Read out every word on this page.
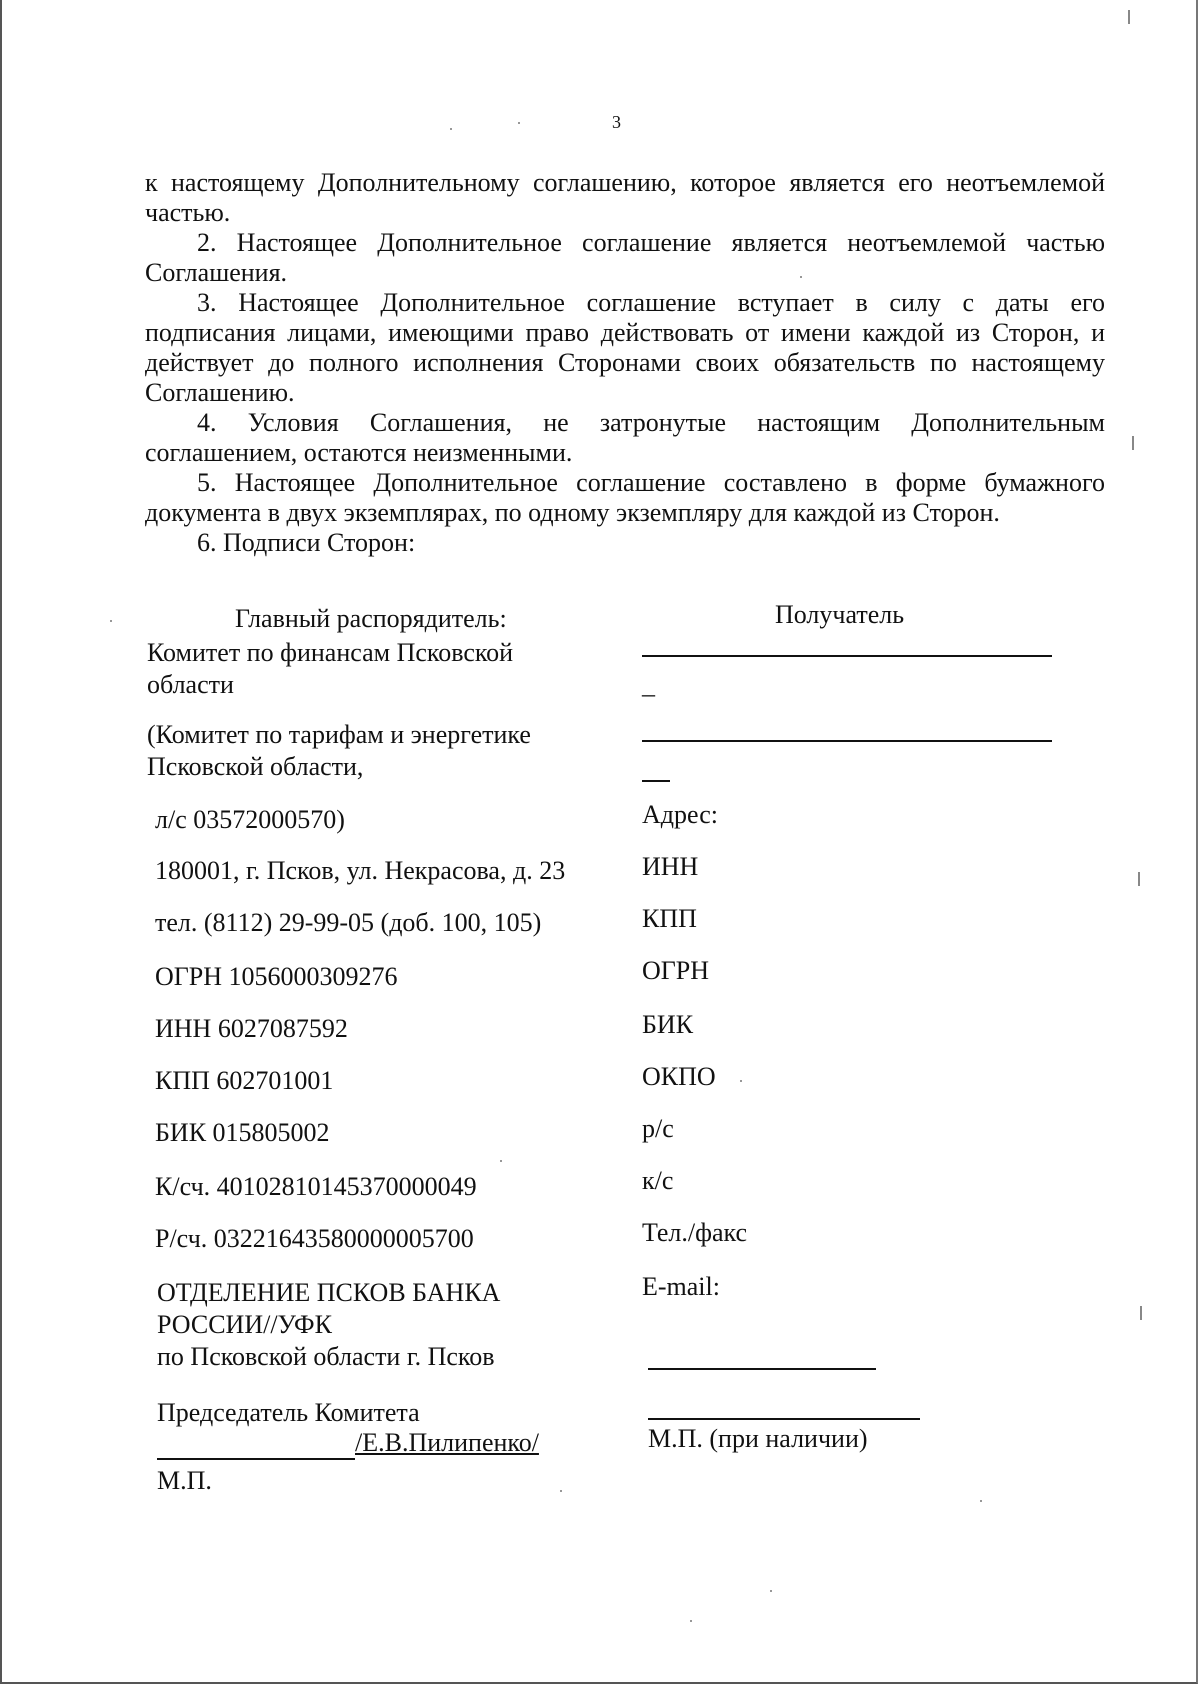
3

к настоящему Дополнительному соглашению, которое является его неотъемлемой частью.

2. Настоящее Дополнительное соглашение является неотъемлемой частью Соглашения.

3. Настоящее Дополнительное соглашение вступает в силу с даты его подписания лицами, имеющими право действовать от имени каждой из Сторон, и действует до полного исполнения Сторонами своих обязательств по настоящему Соглашению.

4. Условия Соглашения, не затронутые настоящим Дополнительным соглашением, остаются неизменными.

5. Настоящее Дополнительное соглашение составлено в форме бумажного документа в двух экземплярах, по одному экземпляру для каждой из Сторон.

6. Подписи Сторон:

Главный распорядитель:
Комитет по финансам Псковской
области
(Комитет по тарифам и энергетике
Псковской области,
л/с 03572000570)
180001, г. Псков, ул. Некрасова, д. 23
тел. (8112) 29-99-05 (доб. 100, 105)
ОГРН 1056000309276
ИНН 6027087592
КПП 602701001
БИК 015805002
К/сч. 40102810145370000049
Р/сч. 03221643580000005700
ОТДЕЛЕНИЕ ПСКОВ БАНКА
РОССИИ//УФК
по Псковской области г. Псков
Председатель Комитета
/Е.В.Пилипенко/
М.П.
Получатель
_
Адрес:
ИНН
КПП
ОГРН
БИК
ОКПО
р/с
к/с
Тел./факс
E-mail:
М.П. (при наличии)
